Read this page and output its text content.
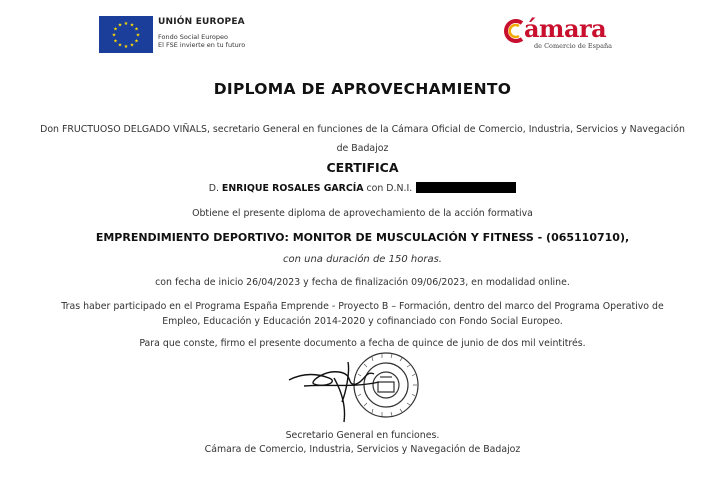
★ ★
★
★
★
★
★
★
★
★
★
★	UNIÓN EUROPEA
Fondo Social Europeo
El FSE invierte en tu futuro
ámara
de Comercio de España
DIPLOMA DE APROVECHAMIENTO
Don FRUCTUOSO DELGADO VIÑALS, secretario General en funciones de la Cámara Oficial de Comercio, Industria, Servicios y Navegación
de Badajoz
CERTIFICA
D. ENRIQUE ROSALES GARCÍA con D.N.I.
Obtiene el presente diploma de aprovechamiento de la acción formativa
EMPRENDIMIENTO DEPORTIVO: MONITOR DE MUSCULACIÓN Y FITNESS - (065110710),
con una duración de 150 horas.
con fecha de inicio 26/04/2023 y fecha de finalización 09/06/2023, en modalidad online.
Tras haber participado en el Programa España Emprende - Proyecto B – Formación, dentro del marco del Programa Operativo de
Empleo, Educación y Educación 2014-2020 y cofinanciado con Fondo Social Europeo.
Para que conste, firmo el presente documento a fecha de quince de junio de dos mil veintitrés.
Secretario General en funciones.
Cámara de Comercio, Industria, Servicios y Navegación de Badajoz
